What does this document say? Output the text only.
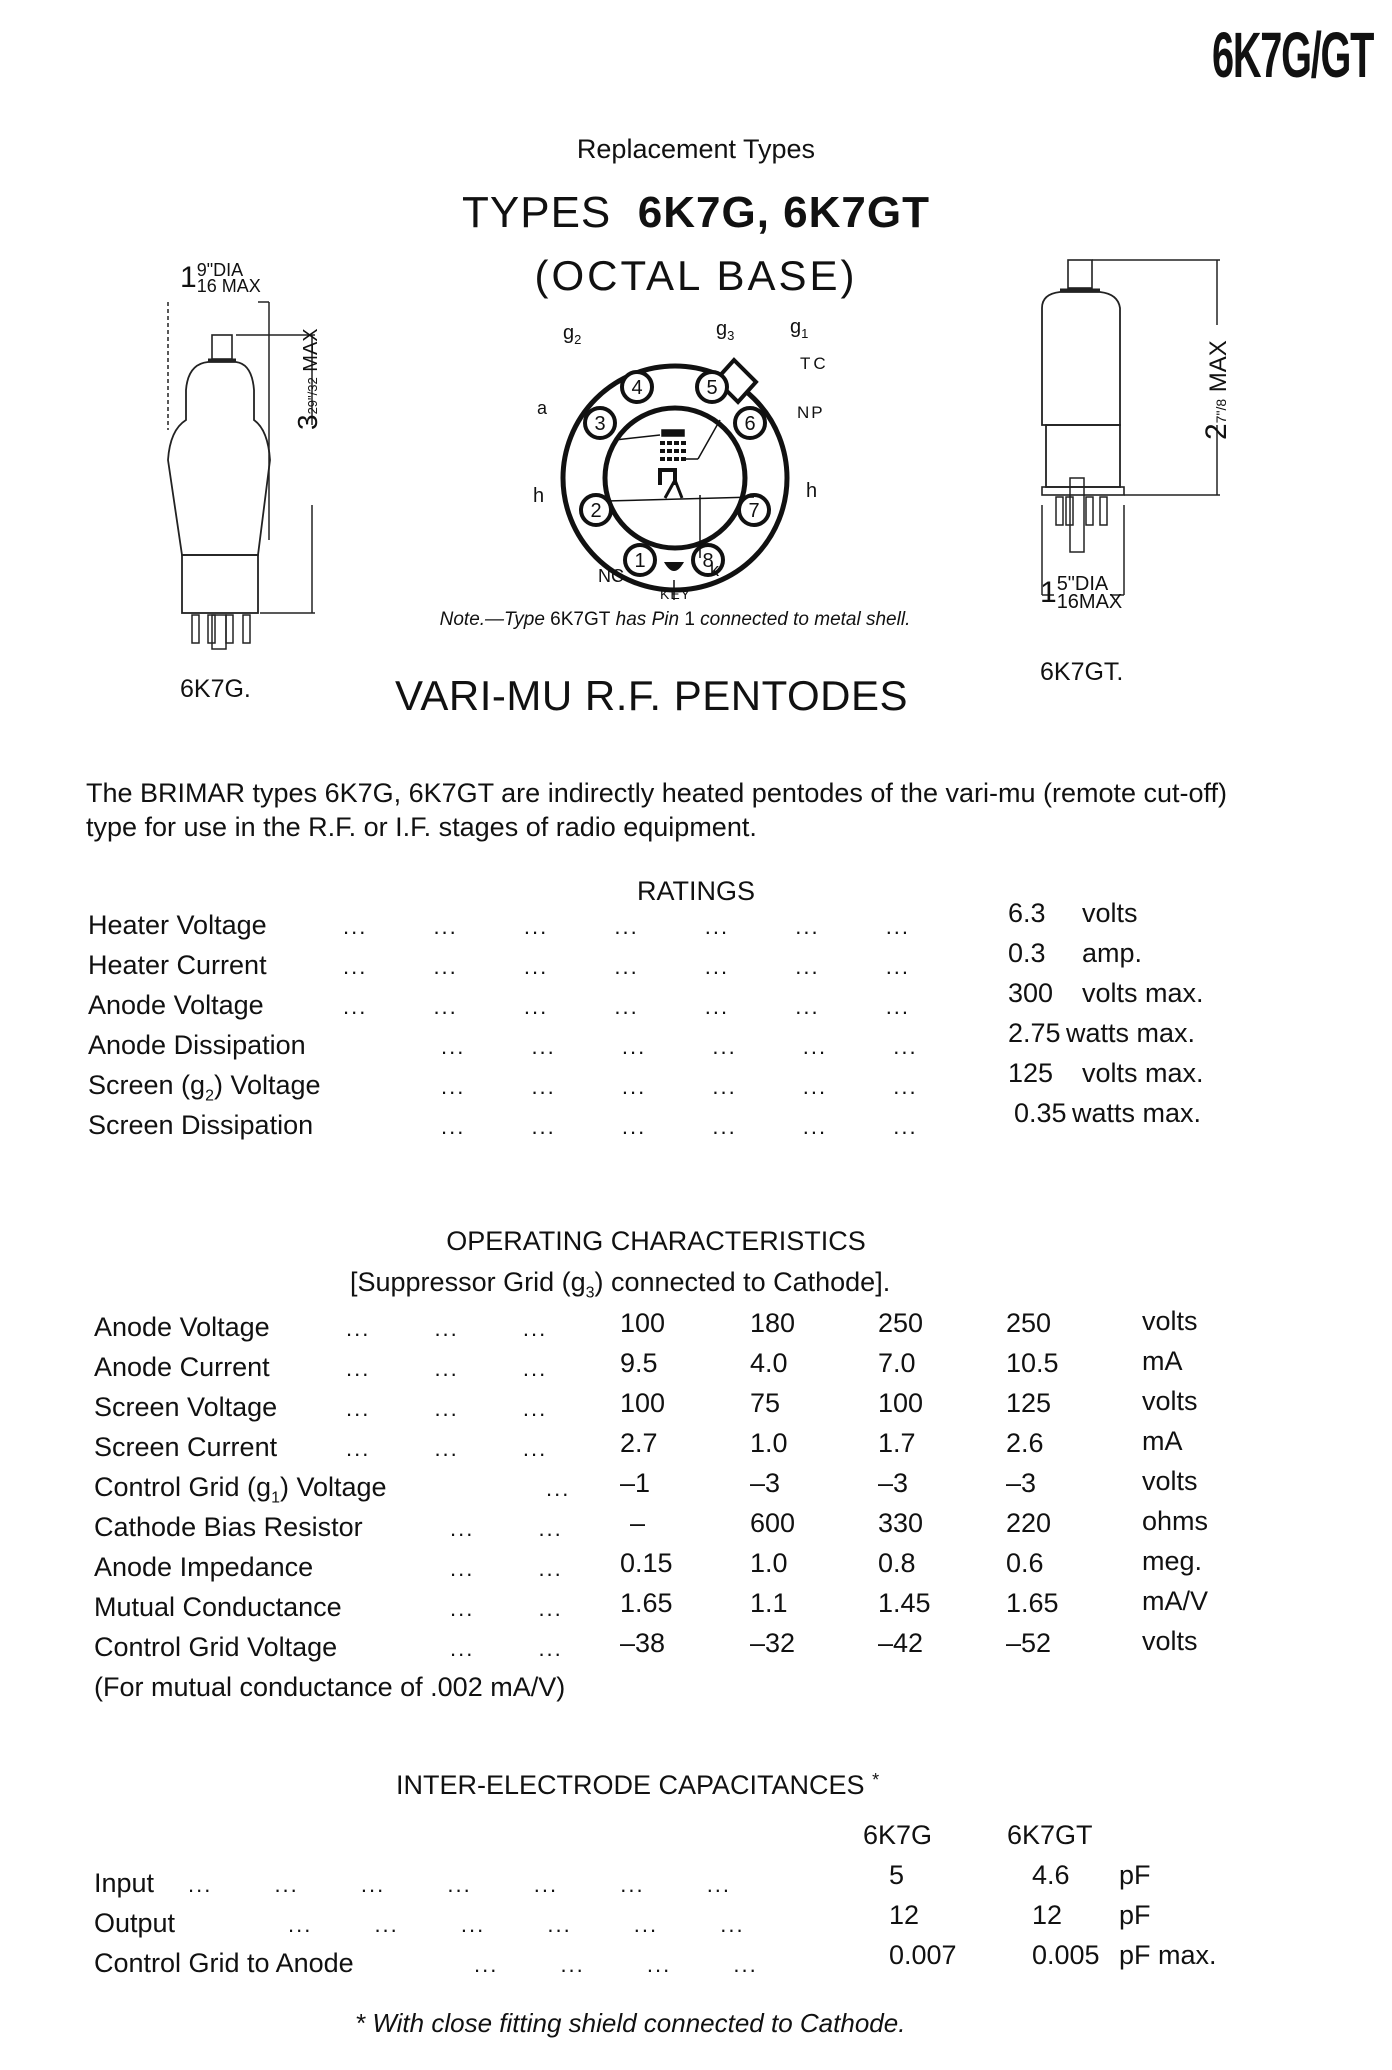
6K7G/GT
Replacement Types
TYPES 6K7G, 6K7GT
(OCTAL BASE)
1 9"DIA
16 MAX
329"/32 MAX
6K7G.
27"/8 MAX
1 5"DIA
16MAX
6K7GT.
4	5
3	6
2	7
1	8
$g_2$	$g_3$	$g_1$
TC
a	NP
h	h
NC	k
KEY
Note.—Type 6K7GT has Pin 1 connected to metal shell.
VARI-MU R.F. PENTODES
The BRIMAR types 6K7G, 6K7GT are indirectly heated pentodes of the vari-mu (remote cut-off) type for use in the R.F. or I.F. stages of radio equipment.
RATINGS
Heater Voltage	... ... ... ... ... ... ...	6.3 volts
Heater Current	... ... ... ... ... ... ...	0.3 amp.
Anode Voltage	... ... ... ... ... ... ...	300 volts max.
Anode Dissipation	... ... ... ... ... ...	2.75 watts max.
Screen $(g_2)$ Voltage	... ... ... ... ... ...	125 volts max.
Screen Dissipation	... ... ... ... ... ...	0.35 watts max.
OPERATING CHARACTERISTICS
[Suppressor Grid $(g_3)$ connected to Cathode].
Anode Voltage	... ... ...	100	180	250	250	volts
Anode Current	... ... ...	9.5	4.0	7.0	10.5	mA
Screen Voltage	... ... ...	100	75	100	125	volts
Screen Current	... ... ...	2.7	1.0	1.7	2.6	mA
Control Grid $(g_1)$ Voltage	... –1	–3	–3	–3	volts
Cathode Bias Resistor	... ... –	600	330	220	ohms
Anode Impedance	... ... 0.15	1.0	0.8	0.6	meg.
Mutual Conductance	... ... 1.65	1.1	1.45	1.65	mA/V
Control Grid Voltage	... ... –38	–32	–42	–52	volts
(For mutual conductance of .002 mA/V)
INTER-ELECTRODE CAPACITANCES *
6K7G	6K7GT
Input ... ... ... ... ... ... ...	5	4.6 pF
Output	... ... ... ... ... ...	12	12 pF
Control Grid to Anode	... ... ... ...	0.007	0.005 pF max.
* With close fitting shield connected to Cathode.
